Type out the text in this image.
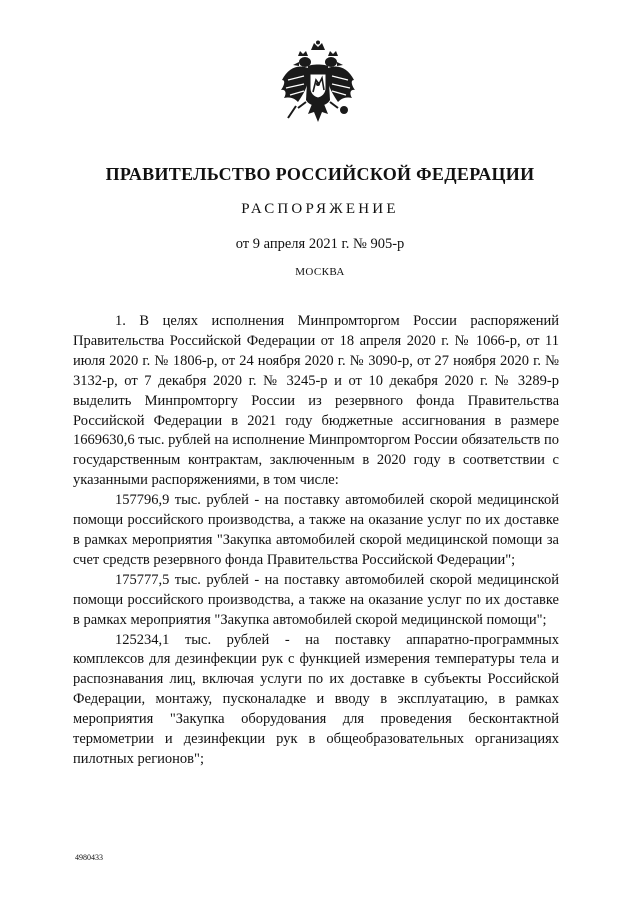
ПРАВИТЕЛЬСТВО РОССИЙСКОЙ ФЕДЕРАЦИИ
РАСПОРЯЖЕНИЕ
от 9 апреля 2021 г. № 905-р
МОСКВА

1. В целях исполнения Минпромторгом России распоряжений Правительства Российской Федерации от 18 апреля 2020 г. № 1066-р, от 11 июля 2020 г. № 1806-р, от 24 ноября 2020 г. № 3090-р, от 27 ноября 2020 г. № 3132-р, от 7 декабря 2020 г. № 3245-р и от 10 декабря 2020 г. № 3289-р выделить Минпромторгу России из резервного фонда Правительства Российской Федерации в 2021 году бюджетные ассигнования в размере 1669630,6 тыс. рублей на исполнение Минпромторгом России обязательств по государственным контрактам, заключенным в 2020 году в соответствии с указанными распоряжениями, в том числе:

157796,9 тыс. рублей - на поставку автомобилей скорой медицинской помощи российского производства, а также на оказание услуг по их доставке в рамках мероприятия "Закупка автомобилей скорой медицинской помощи за счет средств резервного фонда Правительства Российской Федерации";

175777,5 тыс. рублей - на поставку автомобилей скорой медицинской помощи российского производства, а также на оказание услуг по их доставке в рамках мероприятия "Закупка автомобилей скорой медицинской помощи";

125234,1 тыс. рублей - на поставку аппаратно-программных комплексов для дезинфекции рук с функцией измерения температуры тела и распознавания лиц, включая услуги по их доставке в субъекты Российской Федерации, монтажу, пусконаладке и вводу в эксплуатацию, в рамках мероприятия "Закупка оборудования для проведения бесконтактной термометрии и дезинфекции рук в общеобразовательных организациях пилотных регионов";

4980433
